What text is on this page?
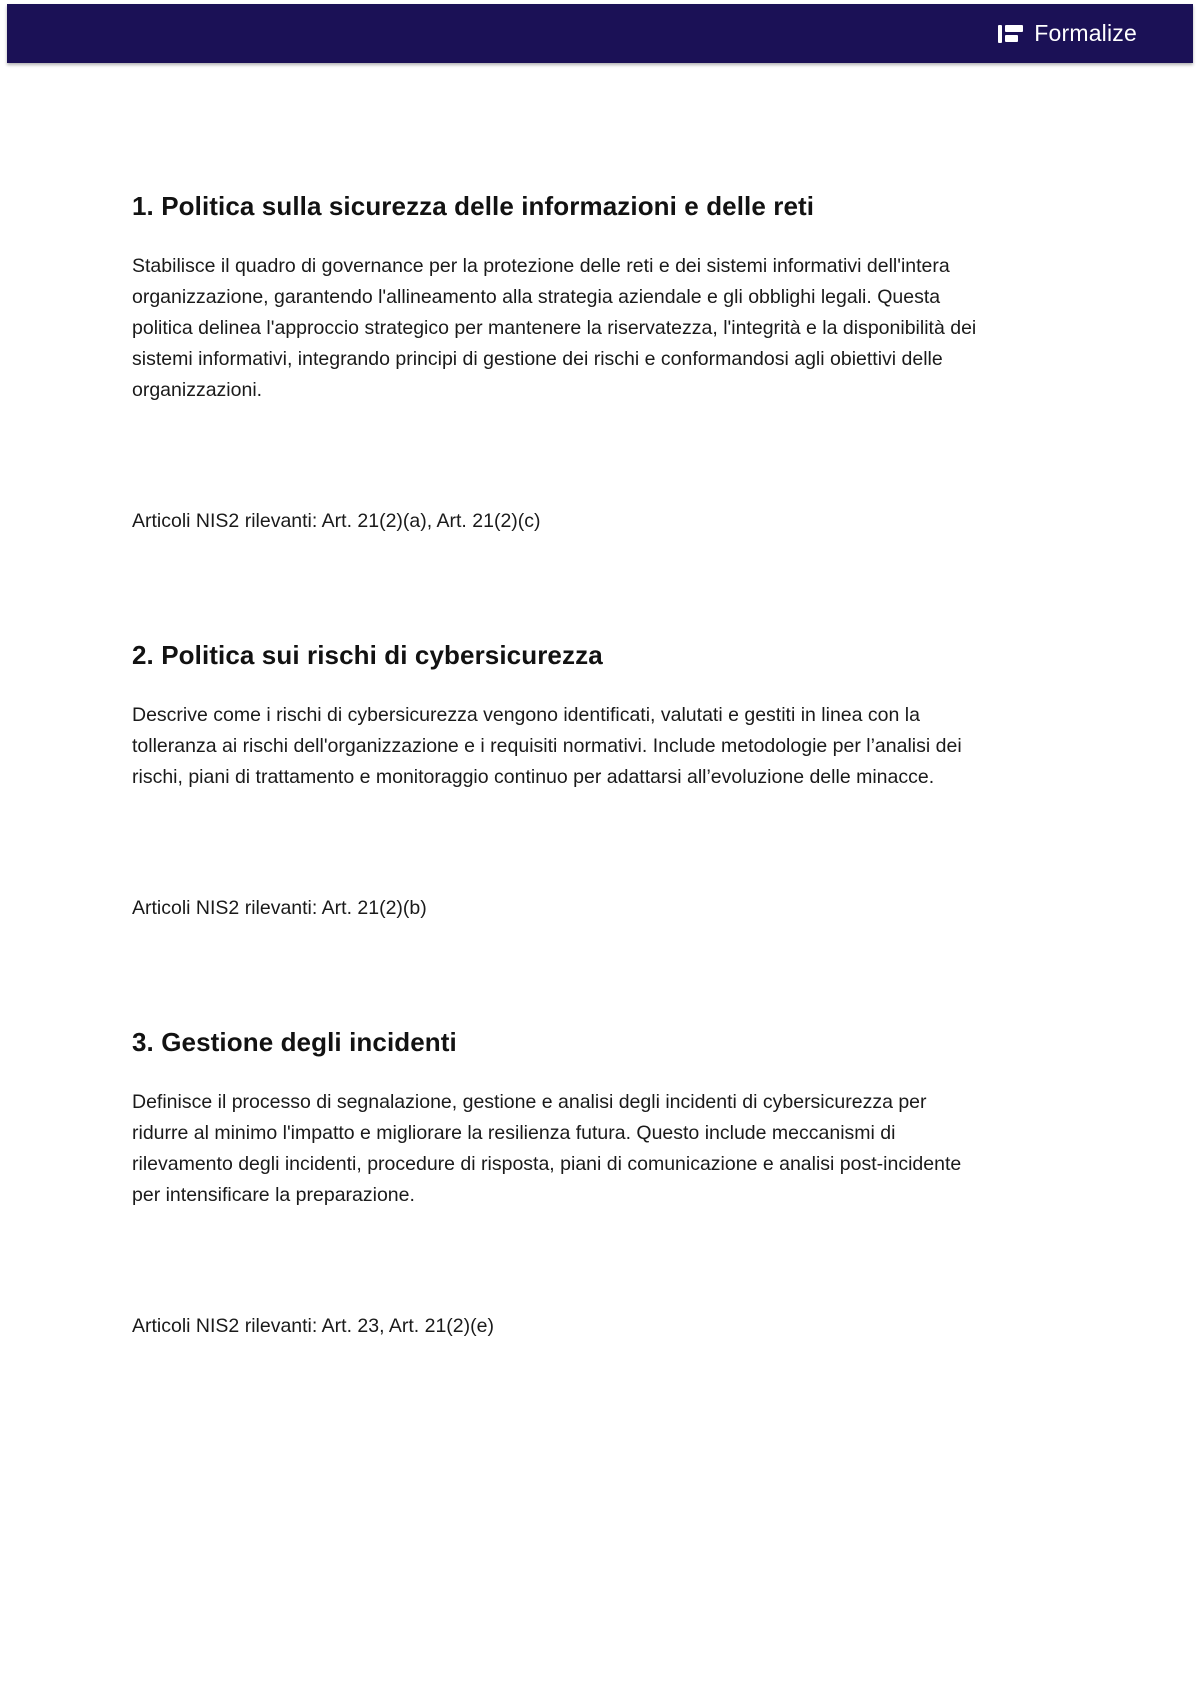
Formalize
1. Politica sulla sicurezza delle informazioni e delle reti

Stabilisce il quadro di governance per la protezione delle reti e dei sistemi informativi dell'intera organizzazione, garantendo l'allineamento alla strategia aziendale e gli obblighi legali. Questa politica delinea l'approccio strategico per mantenere la riservatezza, l'integrità e la disponibilità dei sistemi informativi, integrando principi di gestione dei rischi e conformandosi agli obiettivi delle organizzazioni.

Articoli NIS2 rilevanti: Art. 21(2)(a), Art. 21(2)(c)

2. Politica sui rischi di cybersicurezza

Descrive come i rischi di cybersicurezza vengono identificati, valutati e gestiti in linea con la tolleranza ai rischi dell'organizzazione e i requisiti normativi. Include metodologie per l’analisi dei rischi, piani di trattamento e monitoraggio continuo per adattarsi all’evoluzione delle minacce.

Articoli NIS2 rilevanti: Art. 21(2)(b)

3. Gestione degli incidenti

Definisce il processo di segnalazione, gestione e analisi degli incidenti di cybersicurezza per ridurre al minimo l'impatto e migliorare la resilienza futura. Questo include meccanismi di rilevamento degli incidenti, procedure di risposta, piani di comunicazione e analisi post-incidente per intensificare la preparazione.

Articoli NIS2 rilevanti: Art. 23, Art. 21(2)(e)
